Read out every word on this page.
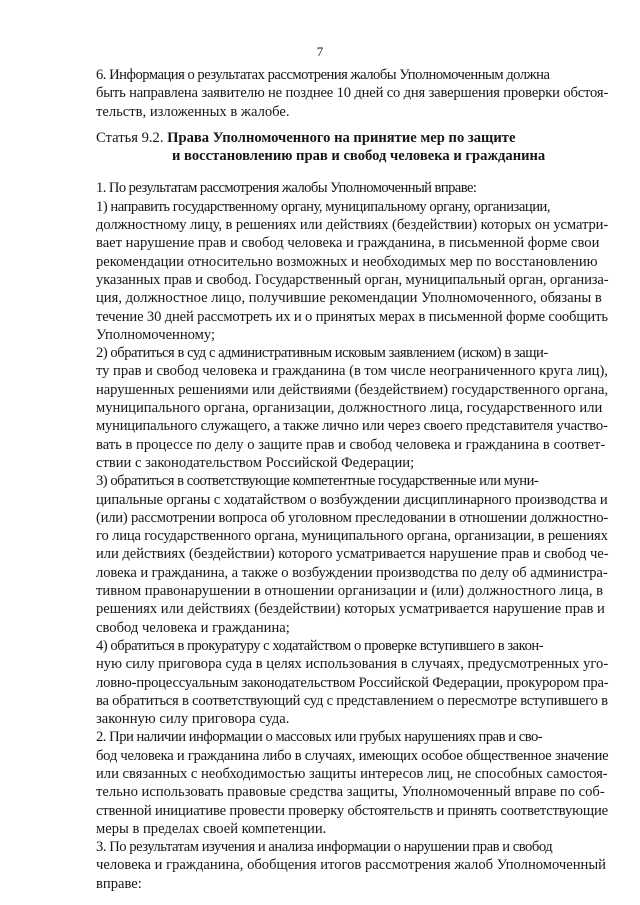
7

6. Информация о результатах рассмотрения жалобы Уполномоченным должна
быть направлена заявителю не позднее 10 дней со дня завершения проверки обстоя-
тельств, изложенных в жалобе.

Статья 9.2. Права Уполномоченного на принятие мер по защите
и восстановлению прав и свобод человека и гражданина

1. По результатам рассмотрения жалобы Уполномоченный вправе:

1) направить государственному органу, муниципальному органу, организации,
должностному лицу, в решениях или действиях (бездействии) которых он усматри-
вает нарушение прав и свобод человека и гражданина, в письменной форме свои
рекомендации относительно возможных и необходимых мер по восстановлению
указанных прав и свобод. Государственный орган, муниципальный орган, организа-
ция, должностное лицо, получившие рекомендации Уполномоченного, обязаны в
течение 30 дней рассмотреть их и о принятых мерах в письменной форме сообщить
Уполномоченному;

2) обратиться в суд с административным исковым заявлением (иском) в защи-
ту прав и свобод человека и гражданина (в том числе неограниченного круга лиц),
нарушенных решениями или действиями (бездействием) государственного органа,
муниципального органа, организации, должностного лица, государственного или
муниципального служащего, а также лично или через своего представителя участво-
вать в процессе по делу о защите прав и свобод человека и гражданина в соответ-
ствии с законодательством Российской Федерации;

3) обратиться в соответствующие компетентные государственные или муни-
ципальные органы с ходатайством о возбуждении дисциплинарного производства и
(или) рассмотрении вопроса об уголовном преследовании в отношении должностно-
го лица государственного органа, муниципального органа, организации, в решениях
или действиях (бездействии) которого усматривается нарушение прав и свобод че-
ловека и гражданина, а также о возбуждении производства по делу об администра-
тивном правонарушении в отношении организации и (или) должностного лица, в
решениях или действиях (бездействии) которых усматривается нарушение прав и
свобод человека и гражданина;

4) обратиться в прокуратуру с ходатайством о проверке вступившего в закон-
ную силу приговора суда в целях использования в случаях, предусмотренных уго-
ловно-процессуальным законодательством Российской Федерации, прокурором пра-
ва обратиться в соответствующий суд с представлением о пересмотре вступившего в
законную силу приговора суда.

2. При наличии информации о массовых или грубых нарушениях прав и сво-
бод человека и гражданина либо в случаях, имеющих особое общественное значение
или связанных с необходимостью защиты интересов лиц, не способных самостоя-
тельно использовать правовые средства защиты, Уполномоченный вправе по соб-
ственной инициативе провести проверку обстоятельств и принять соответствующие
меры в пределах своей компетенции.

3. По результатам изучения и анализа информации о нарушении прав и свобод
человека и гражданина, обобщения итогов рассмотрения жалоб Уполномоченный
вправе:
